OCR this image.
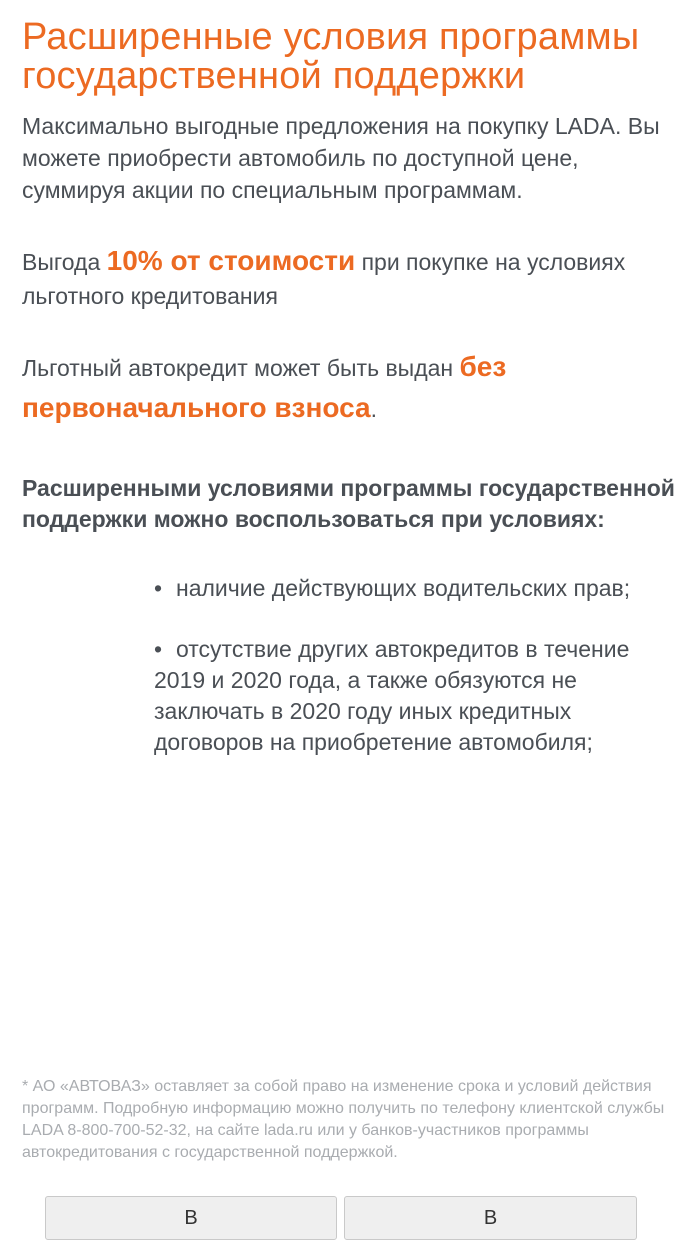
Расширенные условия программы государственной поддержки

Максимально выгодные предложения на покупку LADA. Вы можете приобрести автомобиль по доступной цене, суммируя акции по специальным программам.

Выгода 10% от стоимости при покупке на условиях льготного кредитования

Льготный автокредит может быть выдан без первоначального взноса.

Расширенными условиями программы государственной поддержки можно воспользоваться при условиях:

• наличие действующих водительских прав;
• отсутствие других автокредитов в течение 2019 и 2020 года, а также обязуются не заключать в 2020 году иных кредитных договоров на приобретение автомобиля;

* АО «АВТОВАЗ» оставляет за собой право на изменение срока и условий действия программ. Подробную информацию можно получить по телефону клиентской службы LADA 8-800-700-52-32, на сайте lada.ru или у банков-участников программы автокредитования с государственной поддержкой.

В	В
